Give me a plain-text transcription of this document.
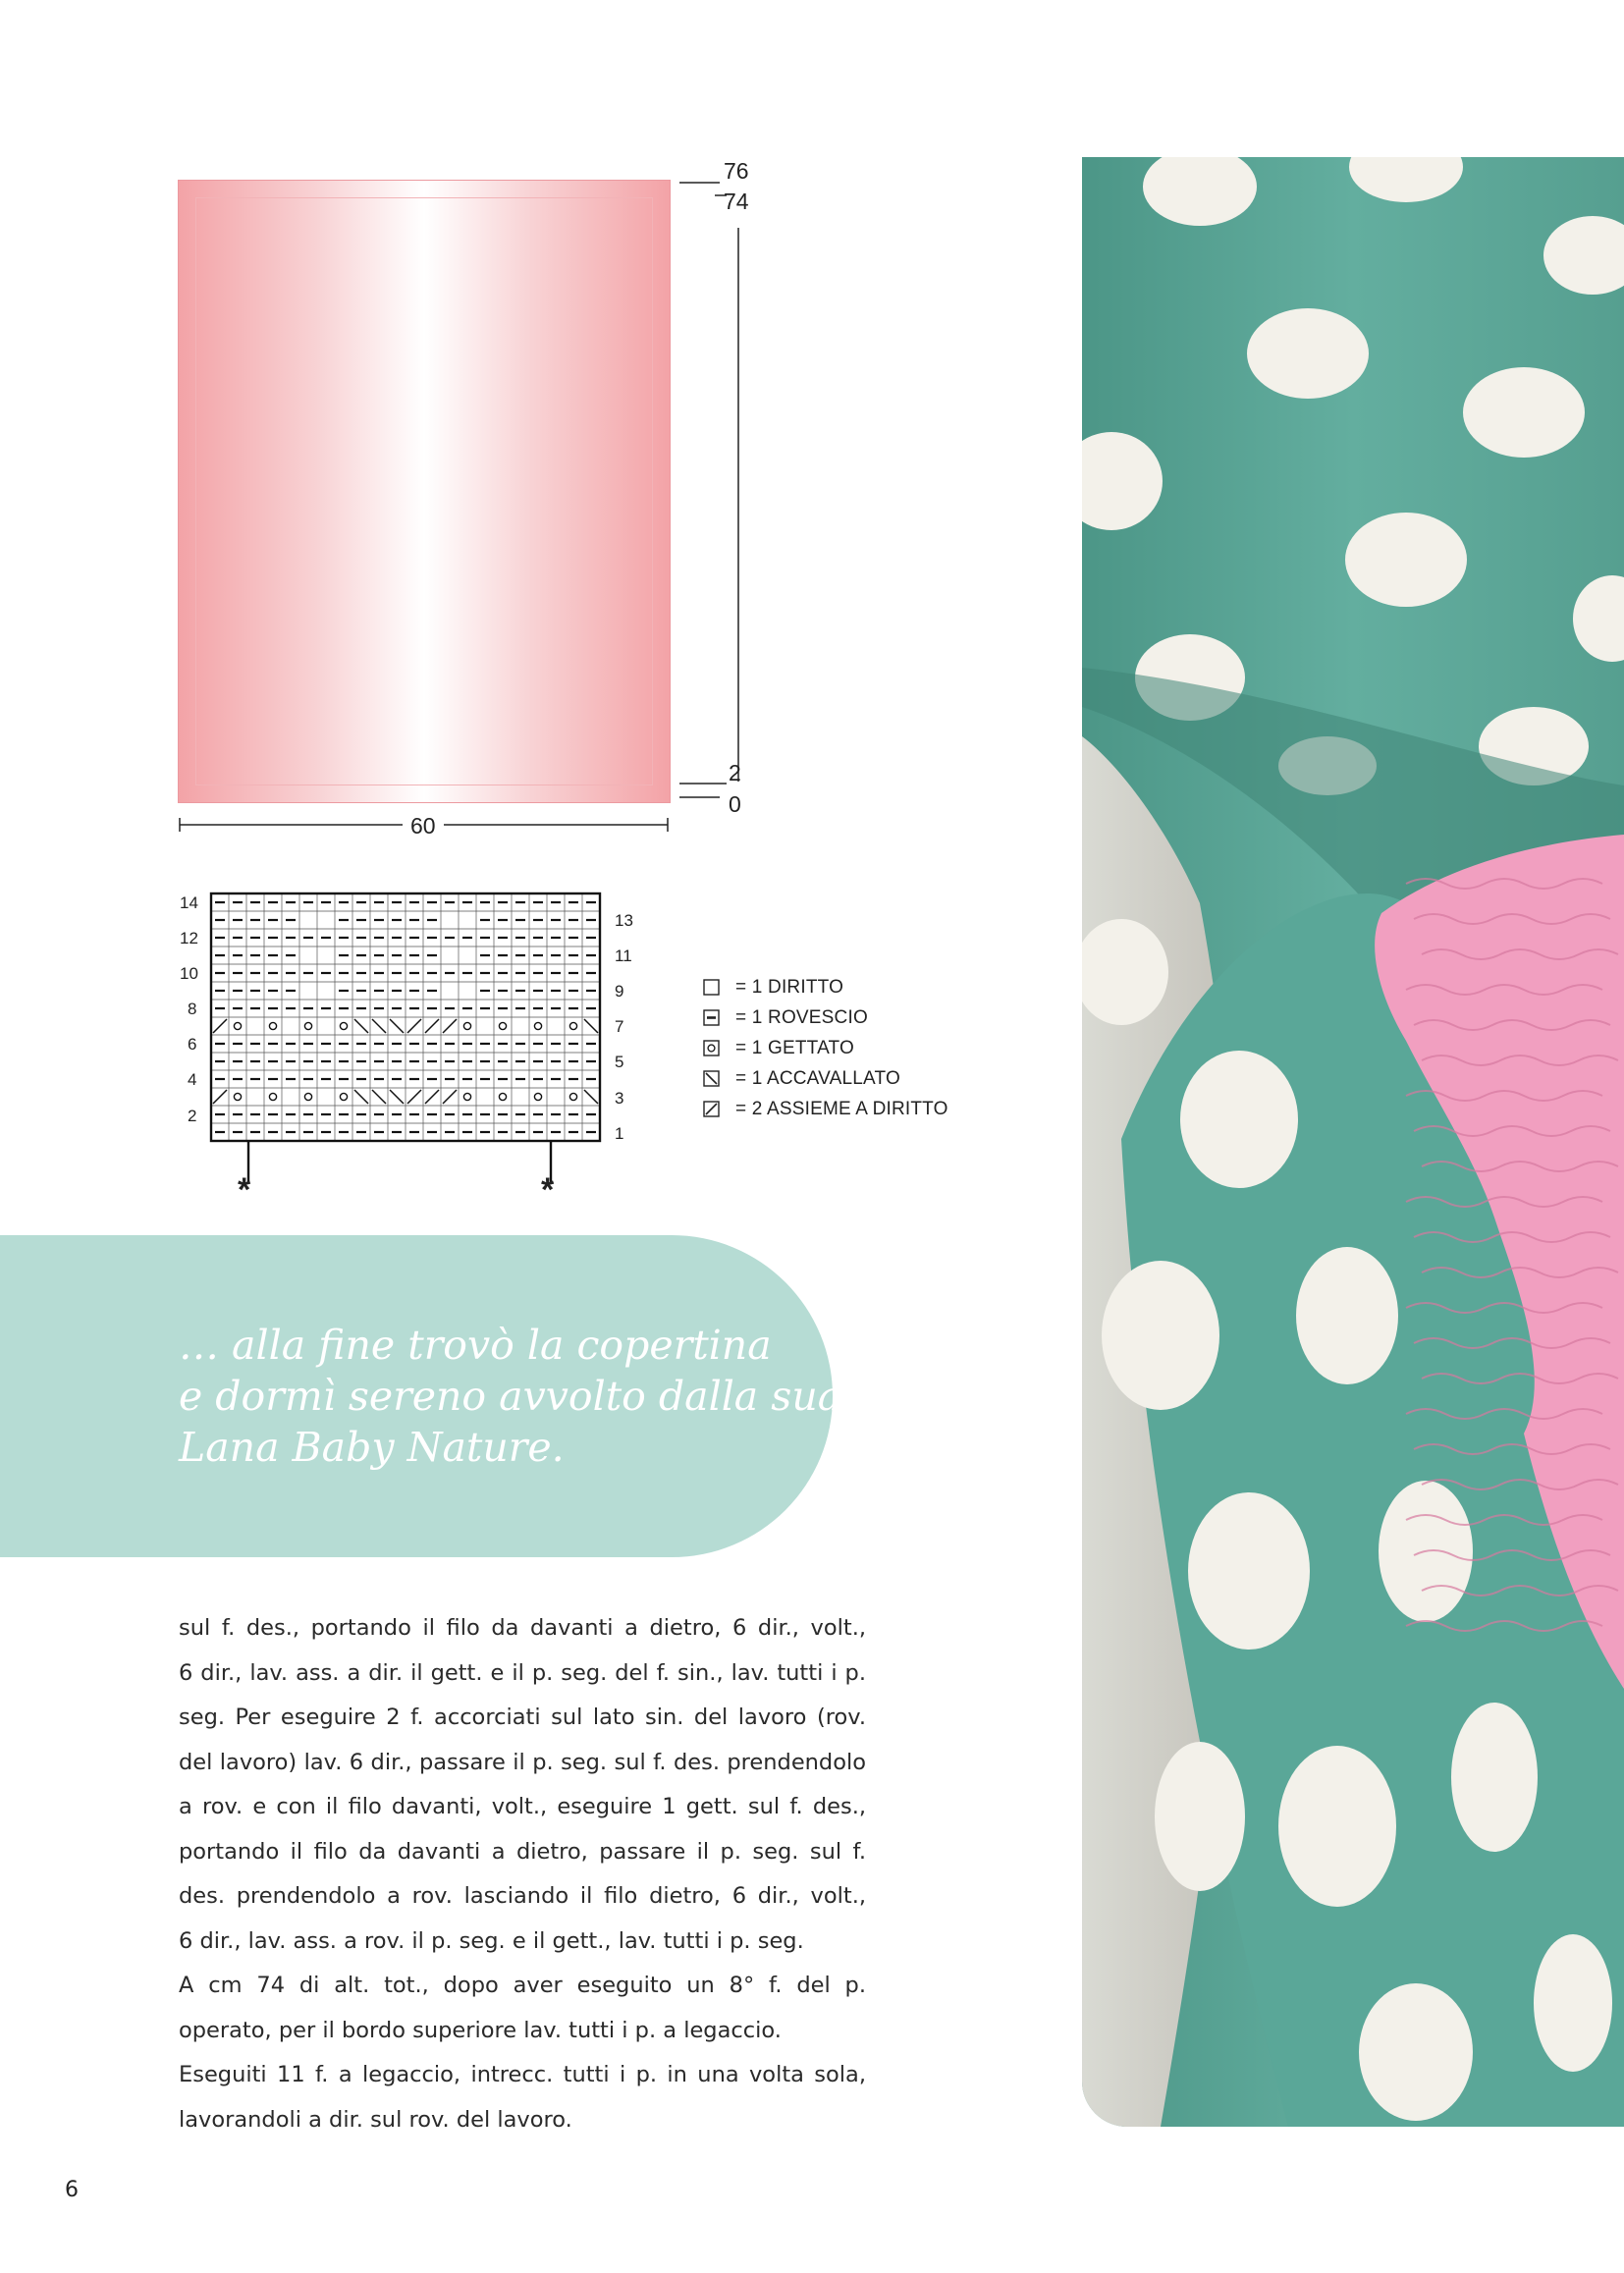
76
74
2
0
60
14
12
10
8
6
4
2
13
11
9
7
5
3
1
*	*
= 1 DIRITTO
= 1 ROVESCIO
= 1 GETTATO
= 1 ACCAVALLATO
= 2 ASSIEME A DIRITTO
… alla fine trovò la copertina
e dormì sereno avvolto dalla sua
Lana Baby Nature.
sul f. des., portando il filo da davanti a dietro, 6 dir., volt.,
6 dir., lav. ass. a dir. il gett. e il p. seg. del f. sin., lav. tutti i p.
seg. Per eseguire 2 f. accorciati sul lato sin. del lavoro (rov.
del lavoro) lav. 6 dir., passare il p. seg. sul f. des. prendendolo
a rov. e con il filo davanti, volt., eseguire 1 gett. sul f. des.,
portando il filo da davanti a dietro, passare il p. seg. sul f.
des. prendendolo a rov. lasciando il filo dietro, 6 dir., volt.,
6 dir., lav. ass. a rov. il p. seg. e il gett., lav. tutti i p. seg.
A cm 74 di alt. tot., dopo aver eseguito un 8° f. del p.
operato, per il bordo superiore lav. tutti i p. a legaccio.
Eseguiti 11 f. a legaccio, intrecc. tutti i p. in una volta sola,
lavorandoli a dir. sul rov. del lavoro.
6
